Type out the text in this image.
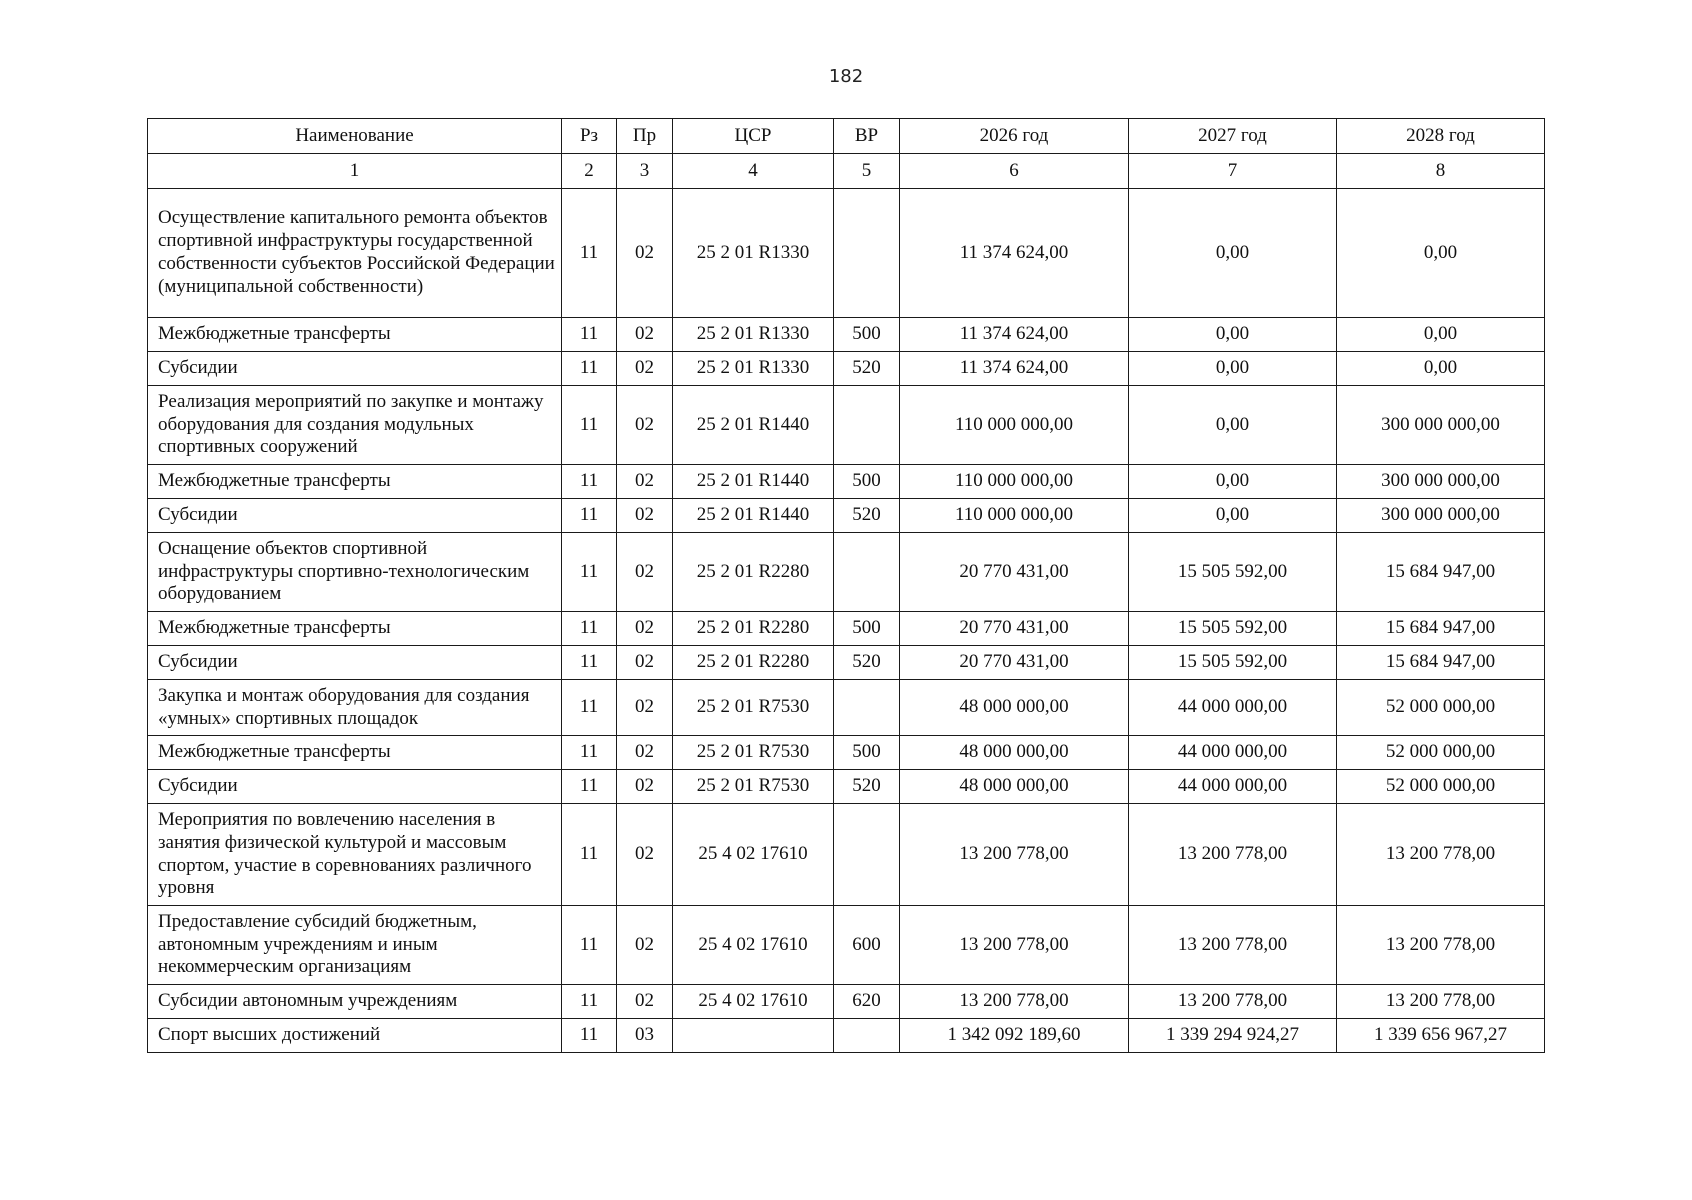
182
Наименование	Рз	Пр	ЦСР	ВР	2026 год	2027 год	2028 год
1	2	3	4	5	6	7	8
Осуществление капитального ремонта объектов спортивной инфраструктуры государственной собственности субъектов Российской Федерации (муниципальной собственности)	11	02	25 2 01 R1330		11 374 624,00	0,00	0,00
Межбюджетные трансферты	11	02	25 2 01 R1330	500	11 374 624,00	0,00	0,00
Субсидии	11	02	25 2 01 R1330	520	11 374 624,00	0,00	0,00
Реализация мероприятий по закупке и монтажу оборудования для создания модульных спортивных сооружений	11	02	25 2 01 R1440		110 000 000,00	0,00	300 000 000,00
Межбюджетные трансферты	11	02	25 2 01 R1440	500	110 000 000,00	0,00	300 000 000,00
Субсидии	11	02	25 2 01 R1440	520	110 000 000,00	0,00	300 000 000,00
Оснащение объектов спортивной инфраструктуры спортивно-технологическим оборудованием	11	02	25 2 01 R2280		20 770 431,00	15 505 592,00	15 684 947,00
Межбюджетные трансферты	11	02	25 2 01 R2280	500	20 770 431,00	15 505 592,00	15 684 947,00
Субсидии	11	02	25 2 01 R2280	520	20 770 431,00	15 505 592,00	15 684 947,00
Закупка и монтаж оборудования для создания «умных» спортивных площадок	11	02	25 2 01 R7530		48 000 000,00	44 000 000,00	52 000 000,00
Межбюджетные трансферты	11	02	25 2 01 R7530	500	48 000 000,00	44 000 000,00	52 000 000,00
Субсидии	11	02	25 2 01 R7530	520	48 000 000,00	44 000 000,00	52 000 000,00
Мероприятия по вовлечению населения в занятия физической культурой и массовым спортом, участие в соревнованиях различного уровня	11	02	25 4 02 17610		13 200 778,00	13 200 778,00	13 200 778,00
Предоставление субсидий бюджетным, автономным учреждениям и иным некоммерческим организациям	11	02	25 4 02 17610	600	13 200 778,00	13 200 778,00	13 200 778,00
Субсидии автономным учреждениям	11	02	25 4 02 17610	620	13 200 778,00	13 200 778,00	13 200 778,00
Спорт высших достижений	11	03			1 342 092 189,60	1 339 294 924,27	1 339 656 967,27
